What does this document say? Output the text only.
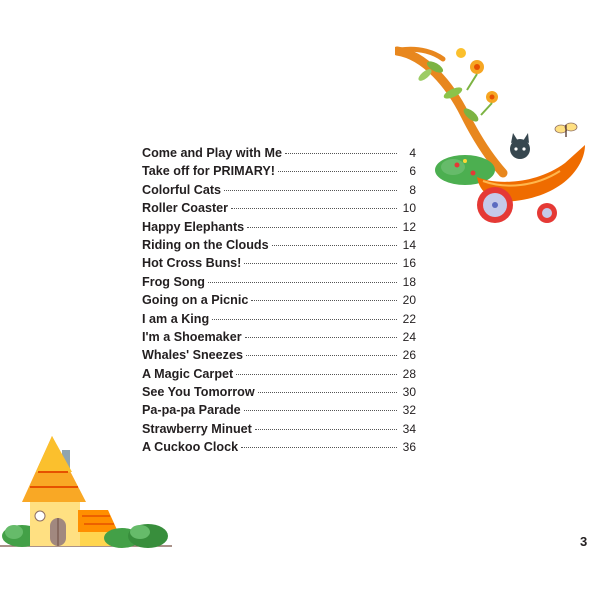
Come and Play with Me	4
Take off for PRIMARY!	6
Colorful Cats	8
Roller Coaster	10
Happy Elephants	12
Riding on the Clouds	14
Hot Cross Buns!	16
Frog Song	18
Going on a Picnic	20
I am a King	22
I'm a Shoemaker	24
Whales' Sneezes	26
A Magic Carpet	28
See You Tomorrow	30
Pa-pa-pa Parade	32
Strawberry Minuet	34
A Cuckoo Clock	36
3
